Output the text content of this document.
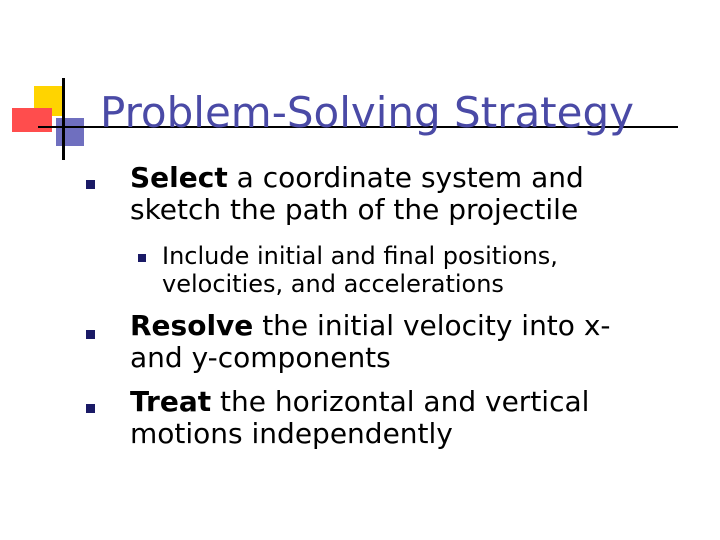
Problem-Solving Strategy
Select a coordinate system and
sketch the path of the projectile
Include initial and final positions,
velocities, and accelerations
Resolve the initial velocity into x-
and y-components
Treat the horizontal and vertical
motions independently
